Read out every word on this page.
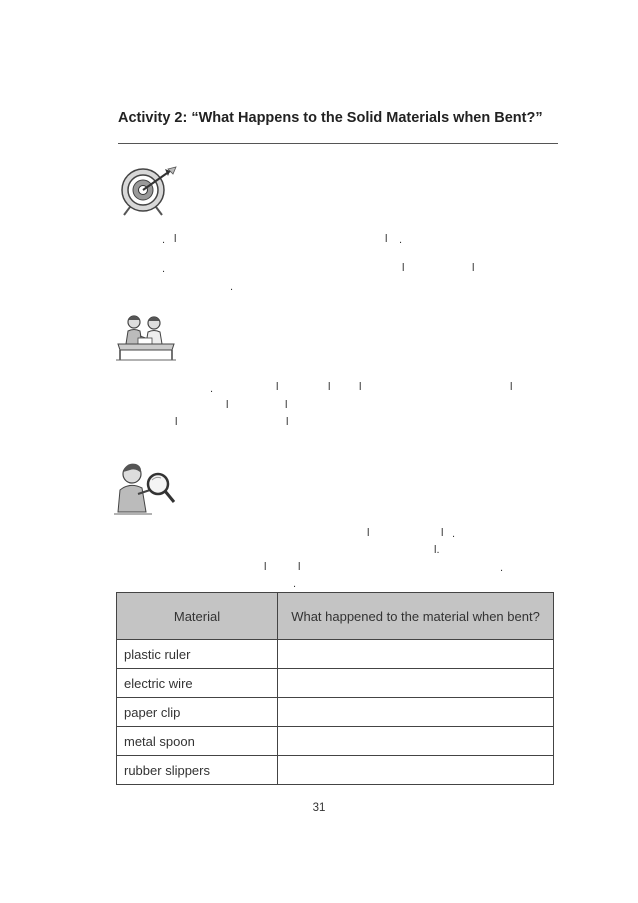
Activity 2: “What Happens to the Solid Materials when Bent?”
. l	l .
.	l	l
.
.	l	l	l	l
l	l
l	l
l	l .
l.
l	l	.
.
Material	What happened to the material when bent?
plastic ruler	
electric wire	
paper clip	
metal spoon	
rubber slippers	
31
